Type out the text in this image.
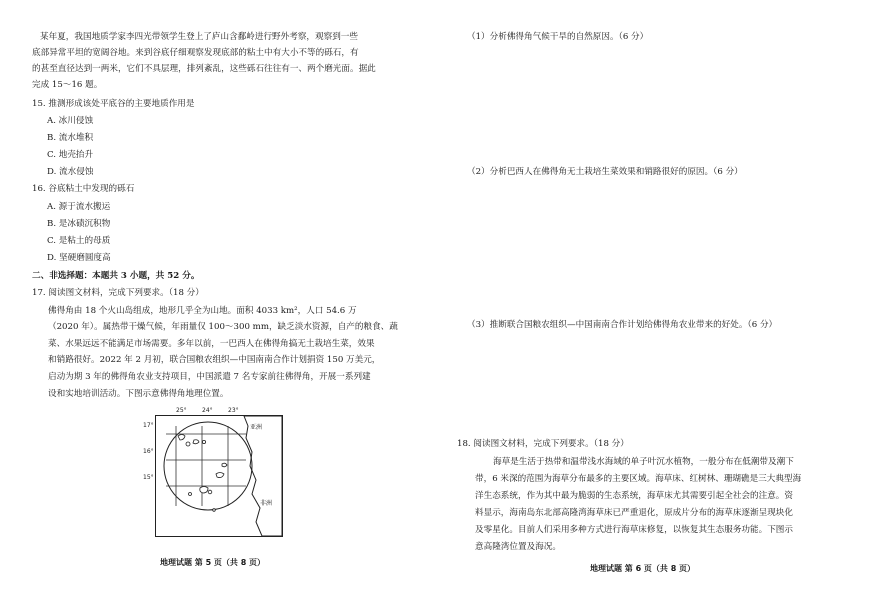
某年夏，我国地质学家李四光带领学生登上了庐山含鄱岭进行野外考察，观察到一些
底部异常平坦的宽阔谷地。来到谷底仔细观察发现底部的粘土中有大小不等的砾石，有
的甚至直径达到一两米，它们不具层理，排列紊乱，这些砾石往往有一、两个磨光面。据此
完成 15～16 题。
15. 推测形成该处平底谷的主要地质作用是
A. 冰川侵蚀
B. 流水堆积
C. 地壳抬升
D. 流水侵蚀
16. 谷底粘土中发现的砾石
A. 源于流水搬运
B. 是冰碛沉积物
C. 是粘土的母质
D. 坚硬磨圆度高
二、非选择题：本题共 3 小题，共 52 分。
17. 阅读图文材料，完成下列要求。（18 分）
佛得角由 18 个火山岛组成，地形几乎全为山地。面积 4033 km²，人口 54.6 万
（2020 年）。属热带干燥气候，年雨量仅 100～300 mm，缺乏淡水资源，自产的粮食、蔬
菜、水果远远不能满足市场需要。多年以前，一巴西人在佛得角搞无土栽培生菜，效果
和销路很好。2022 年 2 月初，联合国粮农组织—中国南南合作计划捐资 150 万美元，
启动为期 3 年的佛得角农业支持项目，中国派遣 7 名专家前往佛得角，开展一系列建
设和实地培训活动。下图示意佛得角地理位置。
25°	24°	23°
亚洲
非洲
17°
16°
15°
地理试题 第 5 页（共 8 页）
（1）分析佛得角气候干旱的自然原因。（6 分）
（2）分析巴西人在佛得角无土栽培生菜效果和销路很好的原因。（6 分）
（3）推断联合国粮农组织—中国南南合作计划给佛得角农业带来的好处。（6 分）
18. 阅读图文材料，完成下列要求。（18 分）
海草是生活于热带和温带浅水海域的单子叶沉水植物，一般分布在低潮带及潮下
带，6 米深的范围为海草分布最多的主要区域。海草床、红树林、珊瑚礁是三大典型海
洋生态系统，作为其中最为脆弱的生态系统，海草床尤其需要引起全社会的注意。资
料显示，海南岛东北部高隆湾海草床已严重退化，原成片分布的海草床逐渐呈现块化
及零星化。目前人们采用多种方式进行海草床修复，以恢复其生态服务功能。下图示
意高隆湾位置及海况。
地理试题 第 6 页（共 8 页）
